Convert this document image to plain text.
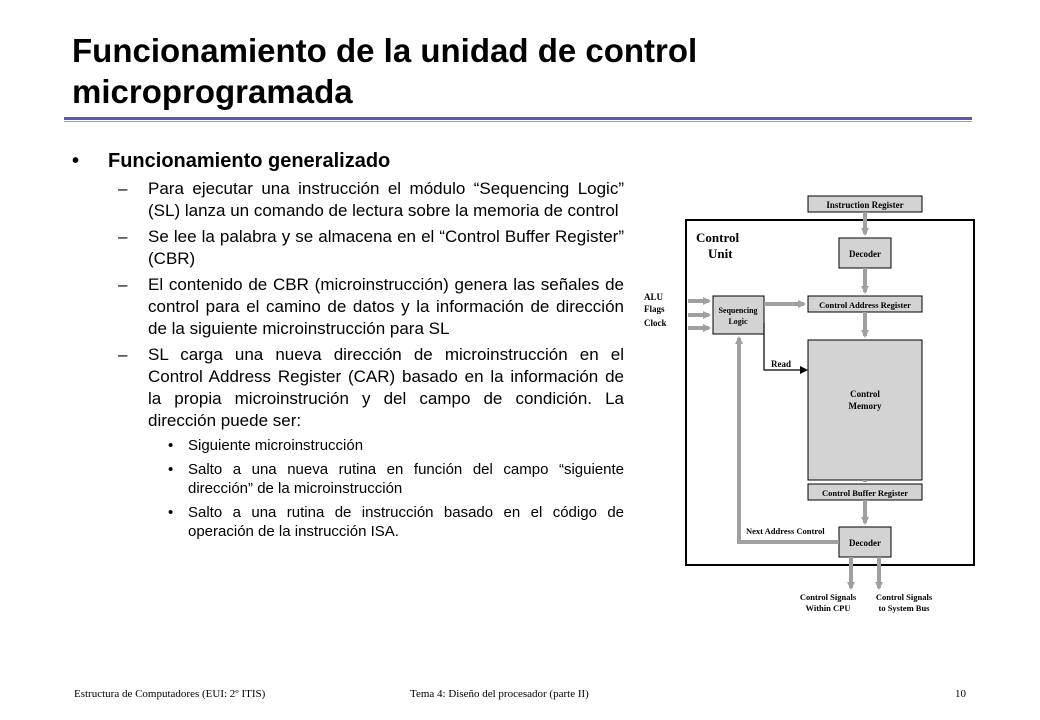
Funcionamiento de la unidad de control microprogramada
• Funcionamiento generalizado
– Para ejecutar una instrucción el módulo “Sequencing Logic” (SL) lanza un comando de lectura sobre la memoria de control
– Se lee la palabra y se almacena en el “Control Buffer Register” (CBR)
– El contenido de CBR (microinstrucción) genera las señales de control para el camino de datos y la información de dirección de la siguiente microinstrucción para SL
– SL carga una nueva dirección de microinstrucción en el Control Address Register (CAR) basado en la información de la propia microinstrución y del campo de condición. La dirección puede ser:
• Siguiente microinstrucción
• Salto a una nueva rutina en función del campo “siguiente dirección” de la microinstrucción
• Salto a una rutina de instrucción basado en el código de operación de la instrucción ISA.
Control
Unit
Instruction Register
Decoder
ALU
Flags
Clock
Sequencing
Logic
Control Address Register
Control
Memory
Read
Control Buffer Register
Next Address Control
Decoder
Control Signals
Within CPU
Control Signals
to System Bus
Estructura de Computadores (EUI: 2º ITIS)	Tema 4: Diseño del procesador (parte II)	10
